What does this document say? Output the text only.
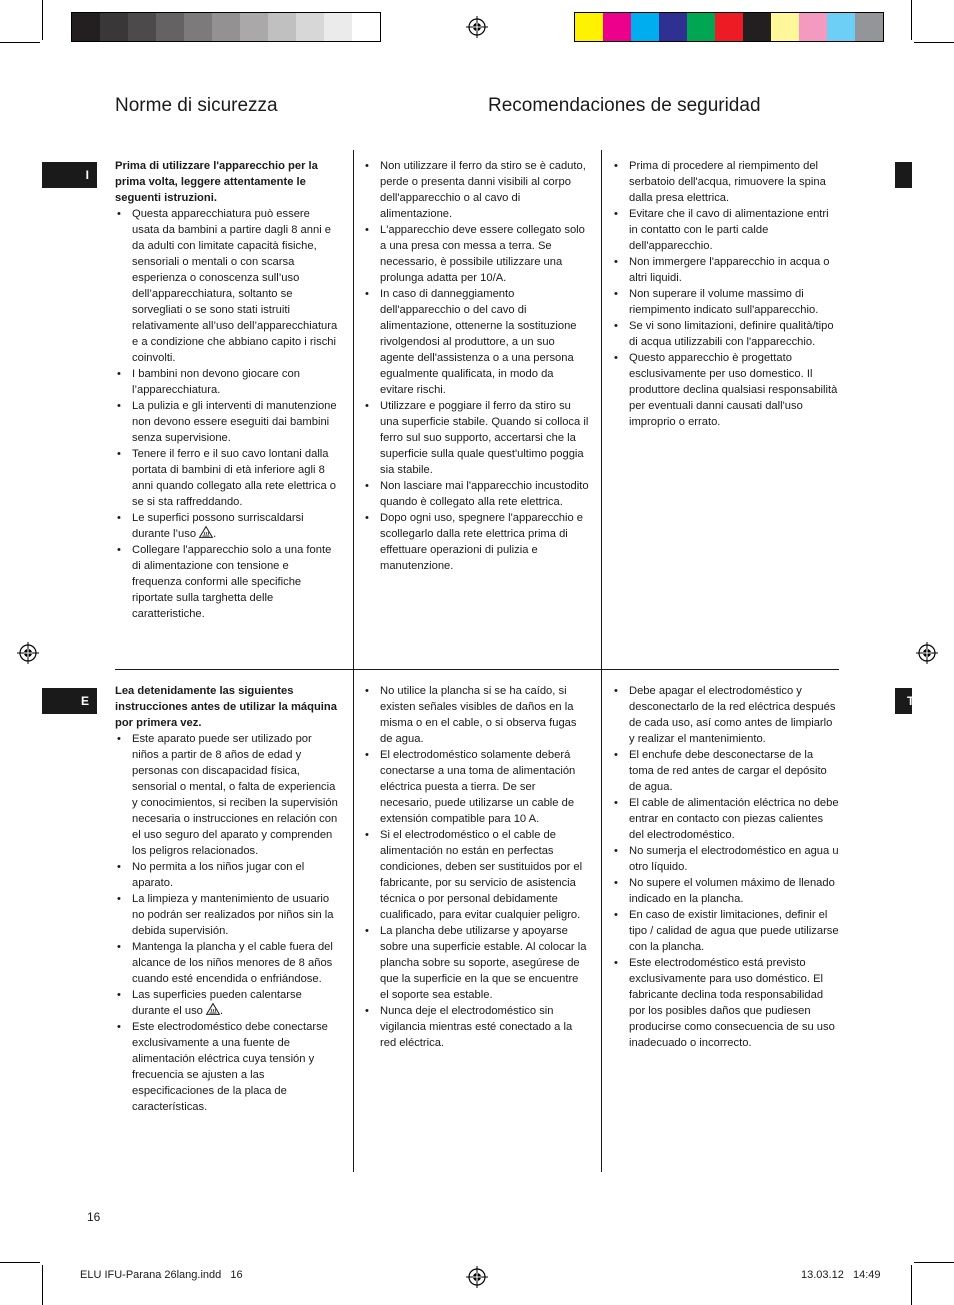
Norme di sicurezza	Recomendaciones de seguridad
I
E	T

Prima di utilizzare l'apparecchio per la prima volta, leggere attentamente le seguenti istruzioni.

• Questa apparecchiatura può essere usata da bambini a partire dagli 8 anni e da adulti con limitate capacità fisiche, sensoriali o mentali o con scarsa esperienza o conoscenza sull’uso dell’apparecchiatura, soltanto se sorvegliati o se sono stati istruiti relativamente all’uso dell’apparecchiatura e a condizione che abbiano capito i rischi coinvolti.
• I bambini non devono giocare con l’apparecchiatura.
• La pulizia e gli interventi di manutenzione non devono essere eseguiti dai bambini senza supervisione.
• Tenere il ferro e il suo cavo lontani dalla portata di bambini di età inferiore agli 8 anni quando collegato alla rete elettrica o se si sta raffreddando.
• Le superfici possono surriscaldarsi durante l’uso .
• Collegare l'apparecchio solo a una fonte di alimentazione con tensione e frequenza conformi alle specifiche riportate sulla targhetta delle caratteristiche.
• Non utilizzare il ferro da stiro se è caduto, perde o presenta danni visibili al corpo dell'apparecchio o al cavo di alimentazione.
• L'apparecchio deve essere collegato solo a una presa con messa a terra. Se necessario, è possibile utilizzare una prolunga adatta per 10/A.
• In caso di danneggiamento dell'apparecchio o del cavo di alimentazione, ottenerne la sostituzione rivolgendosi al produttore, a un suo agente dell'assistenza o a una persona egualmente qualificata, in modo da evitare rischi.
• Utilizzare e poggiare il ferro da stiro su una superficie stabile. Quando si colloca il ferro sul suo supporto, accertarsi che la superficie sulla quale quest'ultimo poggia sia stabile.
• Non lasciare mai l'apparecchio incustodito quando è collegato alla rete elettrica.
• Dopo ogni uso, spegnere l'apparecchio e scollegarlo dalla rete elettrica prima di effettuare operazioni di pulizia e manutenzione.
• Prima di procedere al riempimento del serbatoio dell'acqua, rimuovere la spina dalla presa elettrica.
• Evitare che il cavo di alimentazione entri in contatto con le parti calde dell'apparecchio.
• Non immergere l'apparecchio in acqua o altri liquidi.
• Non superare il volume massimo di riempimento indicato sull'apparecchio.
• Se vi sono limitazioni, definire qualità/tipo di acqua utilizzabili con l'apparecchio.
• Questo apparecchio è progettato esclusivamente per uso domestico. Il produttore declina qualsiasi responsabilità per eventuali danni causati dall'uso improprio o errato.

Lea detenidamente las siguientes instrucciones antes de utilizar la máquina por primera vez.

• Este aparato puede ser utilizado por niños a partir de 8 años de edad y personas con discapacidad física, sensorial o mental, o falta de experiencia y conocimientos, si reciben la supervisión necesaria o instrucciones en relación con el uso seguro del aparato y comprenden los peligros relacionados.
• No permita a los niños jugar con el aparato.
• La limpieza y mantenimiento de usuario no podrán ser realizados por niños sin la debida supervisión.
• Mantenga la plancha y el cable fuera del alcance de los niños menores de 8 años cuando esté encendida o enfriándose.
• Las superficies pueden calentarse durante el uso .
• Este electrodoméstico debe conectarse exclusivamente a una fuente de alimentación eléctrica cuya tensión y frecuencia se ajusten a las especificaciones de la placa de características.
• No utilice la plancha si se ha caído, si existen señales visibles de daños en la misma o en el cable, o si observa fugas de agua.
• El electrodoméstico solamente deberá conectarse a una toma de alimentación eléctrica puesta a tierra. De ser necesario, puede utilizarse un cable de extensión compatible para 10 A.
• Si el electrodoméstico o el cable de alimentación no están en perfectas condiciones, deben ser sustituidos por el fabricante, por su servicio de asistencia técnica o por personal debidamente cualificado, para evitar cualquier peligro.
• La plancha debe utilizarse y apoyarse sobre una superficie estable. Al colocar la plancha sobre su soporte, asegúrese de que la superficie en la que se encuentre el soporte sea estable.
• Nunca deje el electrodoméstico sin vigilancia mientras esté conectado a la red eléctrica.
• Debe apagar el electrodoméstico y desconectarlo de la red eléctrica después de cada uso, así como antes de limpiarlo y realizar el mantenimiento.
• El enchufe debe desconectarse de la toma de red antes de cargar el depósito de agua.
• El cable de alimentación eléctrica no debe entrar en contacto con piezas calientes del electrodoméstico.
• No sumerja el electrodoméstico en agua u otro líquido.
• No supere el volumen máximo de llenado indicado en la plancha.
• En caso de existir limitaciones, definir el tipo / calidad de agua que puede utilizarse con la plancha.
• Este electrodoméstico está previsto exclusivamente para uso doméstico. El fabricante declina toda responsabilidad por los posibles daños que pudiesen producirse como consecuencia de su uso inadecuado o incorrecto.
16
ELU IFU-Parana 26lang.indd   16	13.03.12   14:49
